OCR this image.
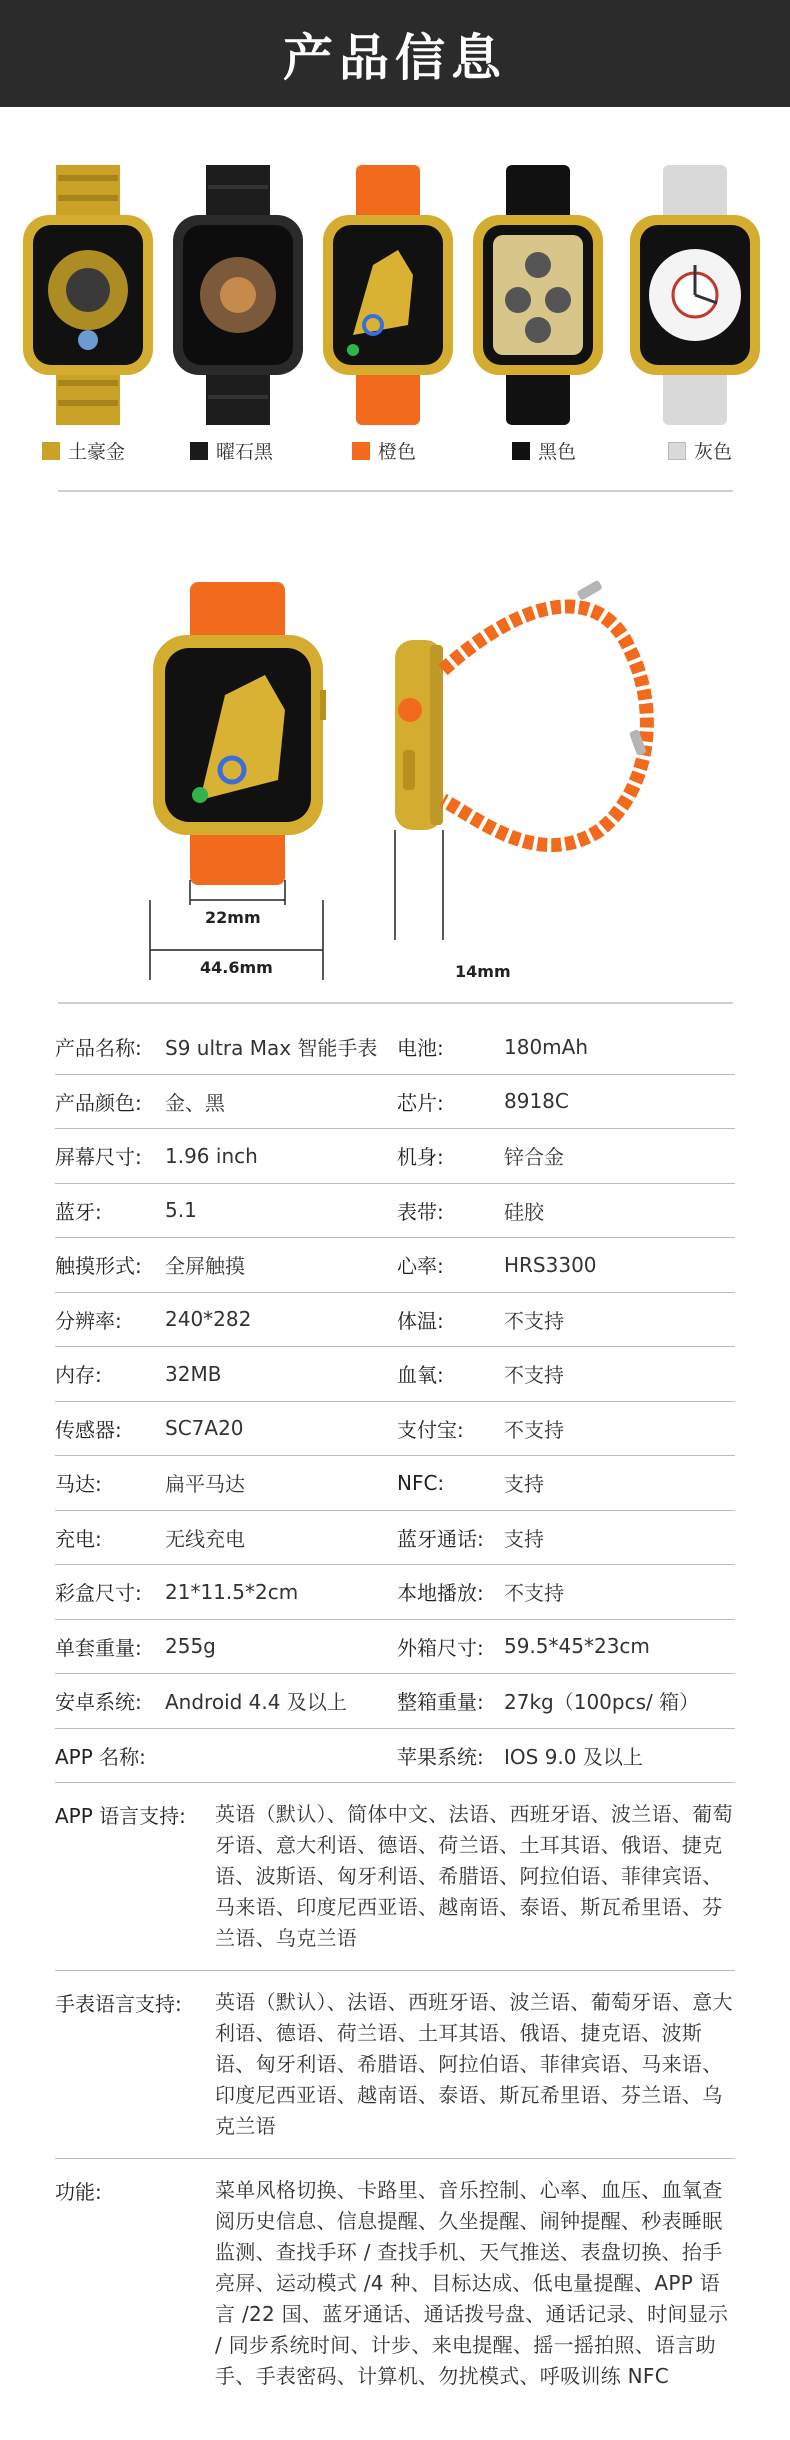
产品信息
土豪金	曜石黑	橙色	黑色	灰色
22mm
44.6mm	14mm
产品名称:	S9 ultra Max 智能手表 电池:	180mAh
产品颜色:	金、黑	芯片:	8918C
屏幕尺寸:	1.96 inch	机身:	锌合金
蓝牙:	5.1	表带:	硅胶
触摸形式:	全屏触摸	心率:	HRS3300
分辨率:	240*282	体温:	不支持
内存:	32MB	血氧:	不支持
传感器:	SC7A20	支付宝:	不支持
马达:	扁平马达	NFC:	支持
充电:	无线充电	蓝牙通话:	支持
彩盒尺寸:	21*11.5*2cm	本地播放:	不支持
单套重量:	255g	外箱尺寸:	59.5*45*23cm
安卓系统:	Android 4.4 及以上	整箱重量:	27kg（100pcs/ 箱）
APP 名称:	苹果系统:	IOS 9.0 及以上
APP 语言支持:	英语（默认）、简体中文、法语、西班牙语、波兰语、葡萄牙语、意大利语、德语、荷兰语、土耳其语、俄语、捷克语、波斯语、匈牙利语、希腊语、阿拉伯语、菲律宾语、马来语、印度尼西亚语、越南语、泰语、斯瓦希里语、芬兰语、乌克兰语
手表语言支持:	英语（默认）、法语、西班牙语、波兰语、葡萄牙语、意大利语、德语、荷兰语、土耳其语、俄语、捷克语、波斯语、匈牙利语、希腊语、阿拉伯语、菲律宾语、马来语、印度尼西亚语、越南语、泰语、斯瓦希里语、芬兰语、乌克兰语
功能:	菜单风格切换、卡路里、音乐控制、心率、血压、血氧查阅历史信息、信息提醒、久坐提醒、闹钟提醒、秒表睡眠监测、查找手环 / 查找手机、天气推送、表盘切换、抬手亮屏、运动模式 /4 种、目标达成、低电量提醒、APP 语言 /22 国、蓝牙通话、通话拨号盘、通话记录、时间显示 / 同步系统时间、计步、来电提醒、摇一摇拍照、语言助手、手表密码、计算机、勿扰模式、呼吸训练 NFC
